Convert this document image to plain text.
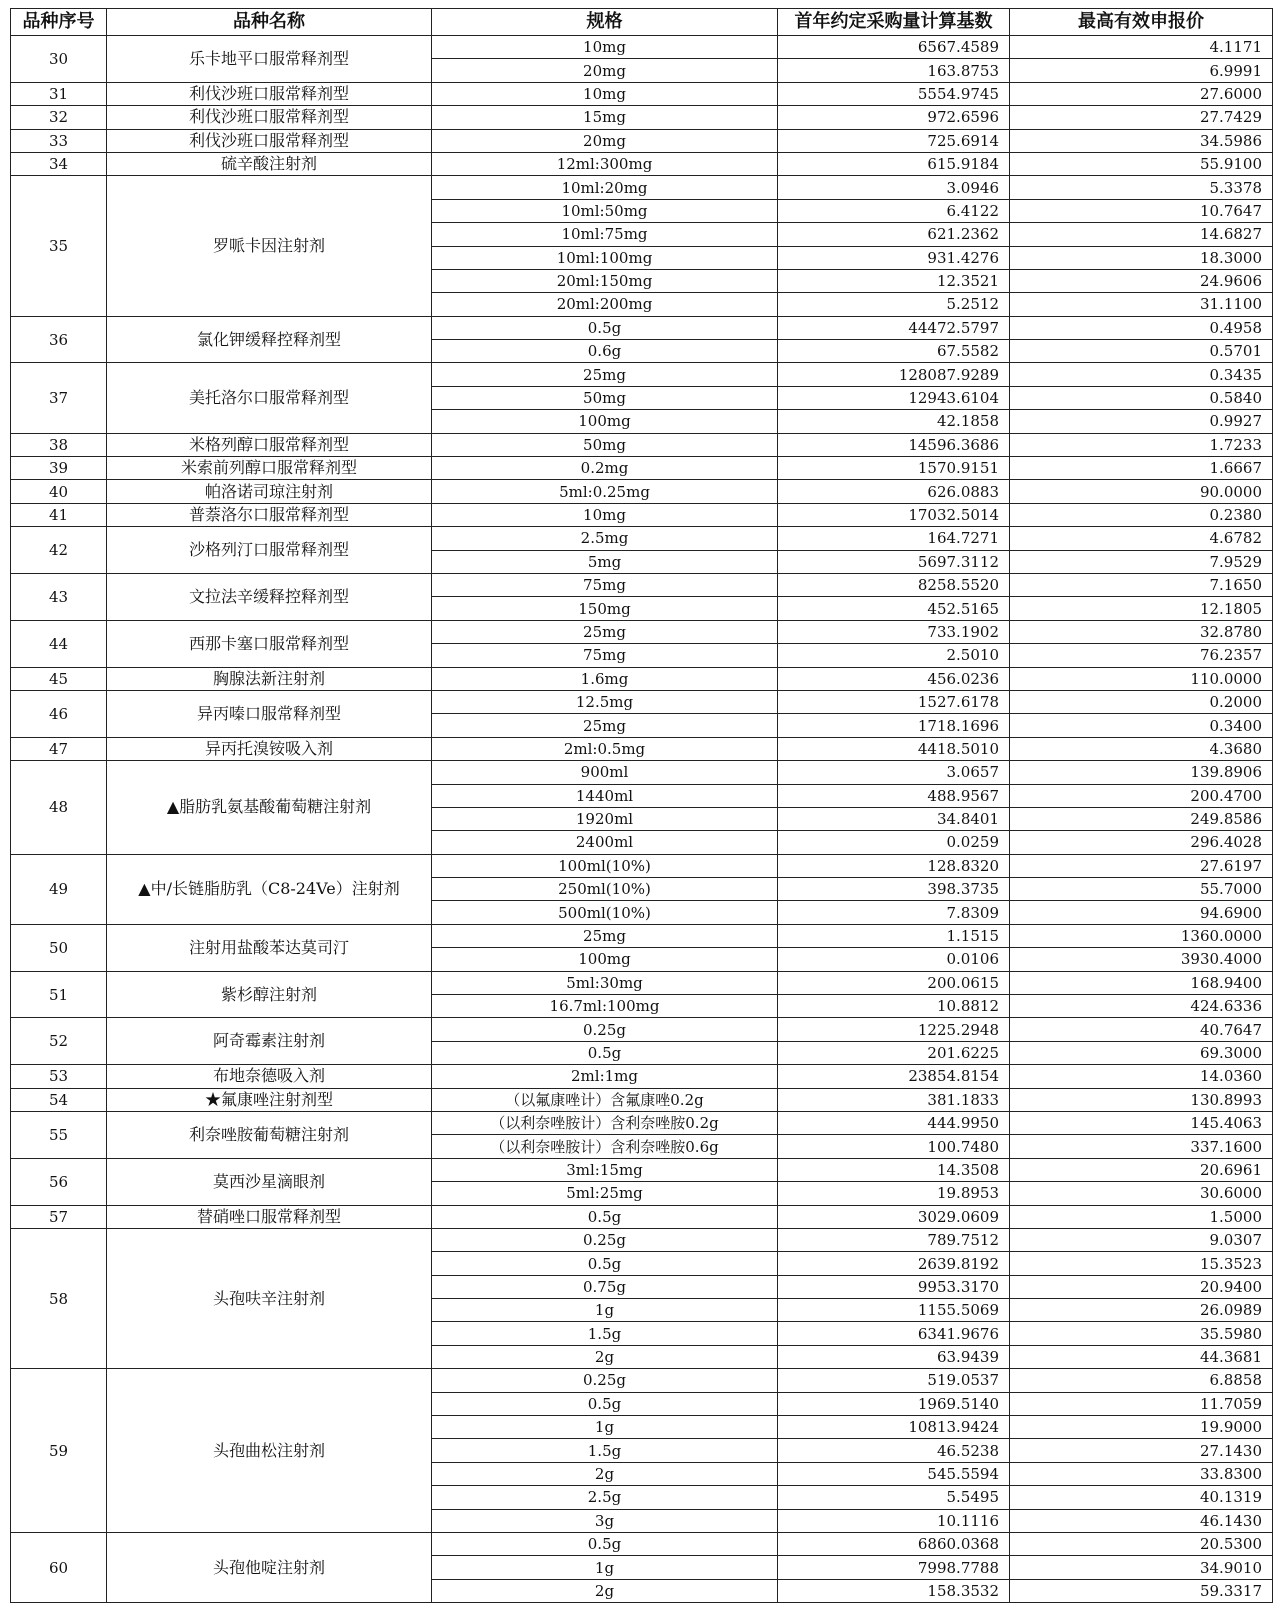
品种序号	品种名称	规格	首年约定采购量计算基数	最高有效申报价
30	乐卡地平口服常释剂型	10mg	6567.4589	4.1171
		20mg	163.8753	6.9991
31	利伐沙班口服常释剂型	10mg	5554.9745	27.6000
32	利伐沙班口服常释剂型	15mg	972.6596	27.7429
33	利伐沙班口服常释剂型	20mg	725.6914	34.5986
34	硫辛酸注射剂	12ml:300mg	615.9184	55.9100
35	罗哌卡因注射剂	10ml:20mg	3.0946	5.3378
		10ml:50mg	6.4122	10.7647
		10ml:75mg	621.2362	14.6827
		10ml:100mg	931.4276	18.3000
		20ml:150mg	12.3521	24.9606
		20ml:200mg	5.2512	31.1100
36	氯化钾缓释控释剂型	0.5g	44472.5797	0.4958
		0.6g	67.5582	0.5701
37	美托洛尔口服常释剂型	25mg	128087.9289	0.3435
		50mg	12943.6104	0.5840
		100mg	42.1858	0.9927
38	米格列醇口服常释剂型	50mg	14596.3686	1.7233
39	米索前列醇口服常释剂型	0.2mg	1570.9151	1.6667
40	帕洛诺司琼注射剂	5ml:0.25mg	626.0883	90.0000
41	普萘洛尔口服常释剂型	10mg	17032.5014	0.2380
42	沙格列汀口服常释剂型	2.5mg	164.7271	4.6782
		5mg	5697.3112	7.9529
43	文拉法辛缓释控释剂型	75mg	8258.5520	7.1650
		150mg	452.5165	12.1805
44	西那卡塞口服常释剂型	25mg	733.1902	32.8780
		75mg	2.5010	76.2357
45	胸腺法新注射剂	1.6mg	456.0236	110.0000
46	异丙嗪口服常释剂型	12.5mg	1527.6178	0.2000
		25mg	1718.1696	0.3400
47	异丙托溴铵吸入剂	2ml:0.5mg	4418.5010	4.3680
48	▲脂肪乳氨基酸葡萄糖注射剂	900ml	3.0657	139.8906
		1440ml	488.9567	200.4700
		1920ml	34.8401	249.8586
		2400ml	0.0259	296.4028
49	▲中/长链脂肪乳（C8-24Ve）注射剂	100ml(10%)	128.8320	27.6197
		250ml(10%)	398.3735	55.7000
		500ml(10%)	7.8309	94.6900
50	注射用盐酸苯达莫司汀	25mg	1.1515	1360.0000
		100mg	0.0106	3930.4000
51	紫杉醇注射剂	5ml:30mg	200.0615	168.9400
		16.7ml:100mg	10.8812	424.6336
52	阿奇霉素注射剂	0.25g	1225.2948	40.7647
		0.5g	201.6225	69.3000
53	布地奈德吸入剂	2ml:1mg	23854.8154	14.0360
54	★氟康唑注射剂型	（以氟康唑计）含氟康唑0.2g	381.1833	130.8993
55	利奈唑胺葡萄糖注射剂	（以利奈唑胺计）含利奈唑胺0.2g	444.9950	145.4063
		（以利奈唑胺计）含利奈唑胺0.6g	100.7480	337.1600
56	莫西沙星滴眼剂	3ml:15mg	14.3508	20.6961
		5ml:25mg	19.8953	30.6000
57	替硝唑口服常释剂型	0.5g	3029.0609	1.5000
58	头孢呋辛注射剂	0.25g	789.7512	9.0307
		0.5g	2639.8192	15.3523
		0.75g	9953.3170	20.9400
		1g	1155.5069	26.0989
		1.5g	6341.9676	35.5980
		2g	63.9439	44.3681
59	头孢曲松注射剂	0.25g	519.0537	6.8858
		0.5g	1969.5140	11.7059
		1g	10813.9424	19.9000
		1.5g	46.5238	27.1430
		2g	545.5594	33.8300
		2.5g	5.5495	40.1319
		3g	10.1116	46.1430
60	头孢他啶注射剂	0.5g	6860.0368	20.5300
		1g	7998.7788	34.9010
		2g	158.3532	59.3317
